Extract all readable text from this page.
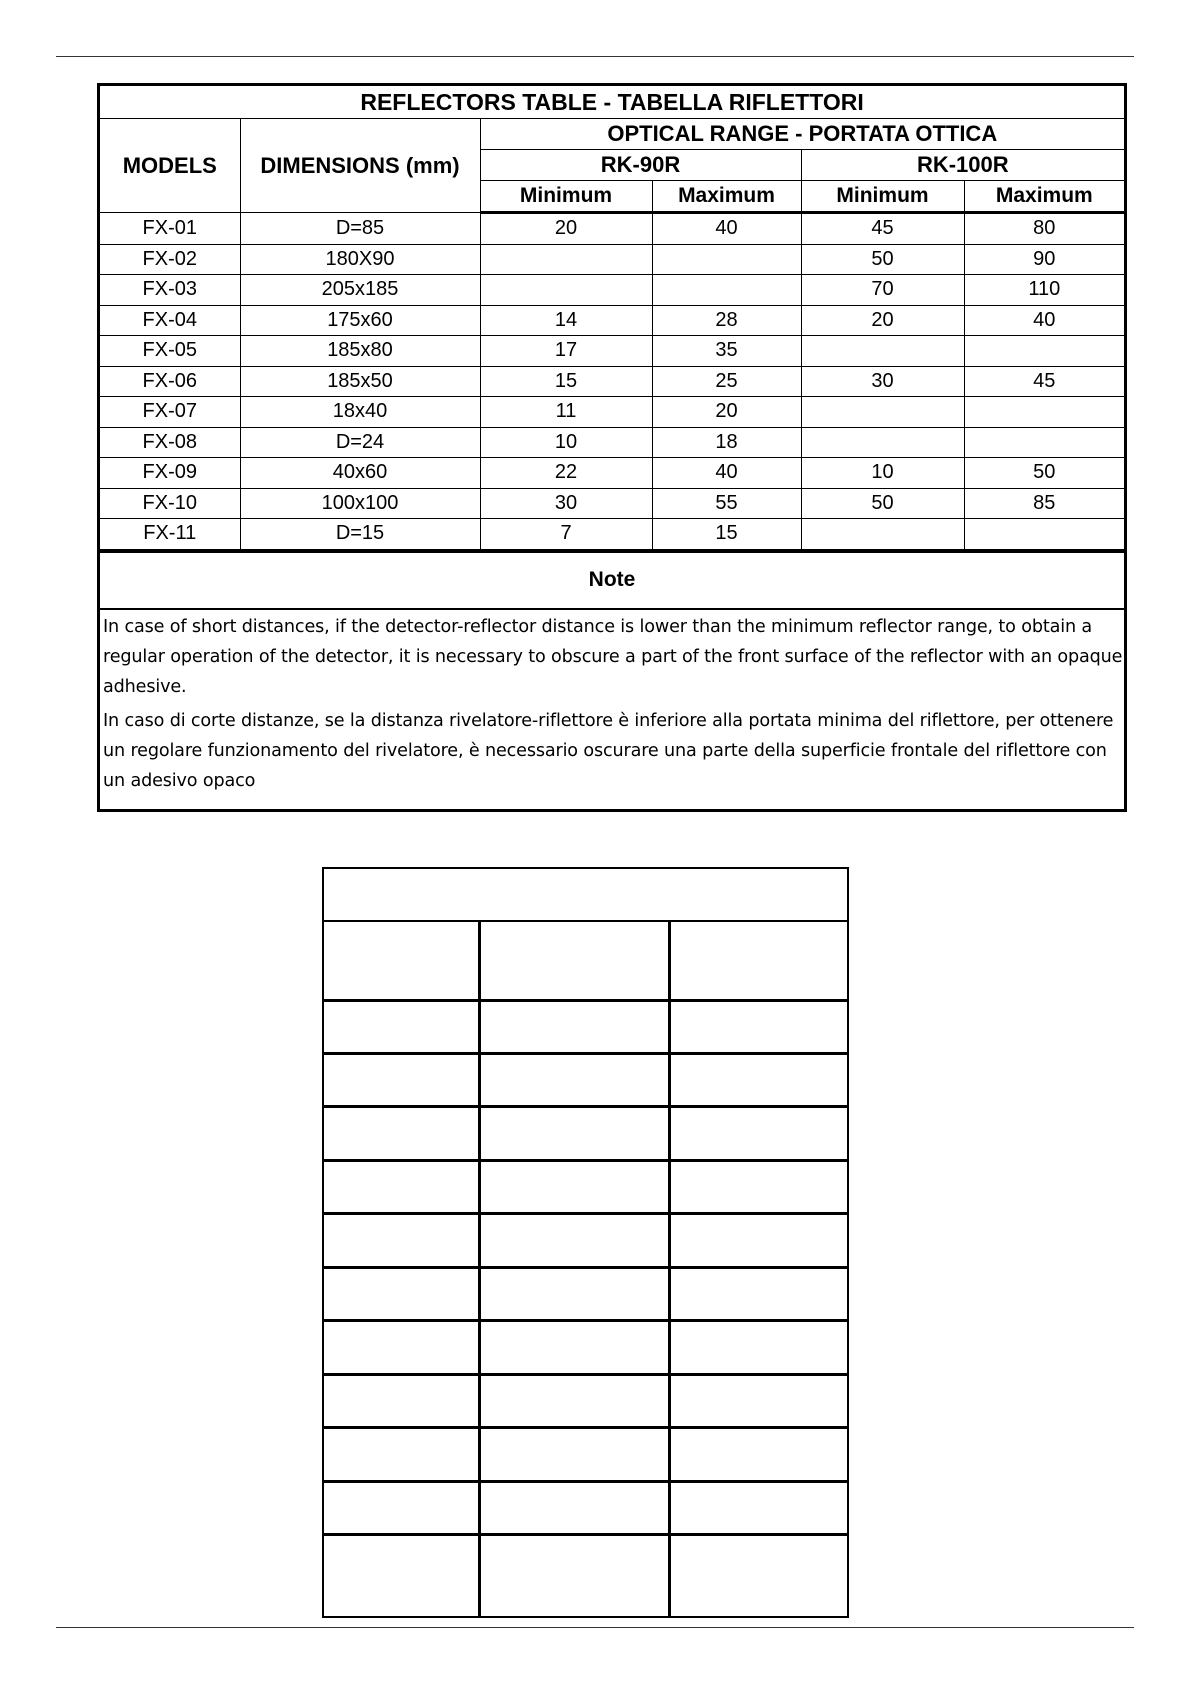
REFLECTORS TABLE - TABELLA RIFLETTORI					
MODELS	DIMENSIONS (mm)	OPTICAL RANGE - PORTATA OTTICA			
		RK-90R		RK-100R	
		Minimum	Maximum	Minimum	Maximum
FX-01	D=85	20	40	45	80
FX-02	180X90			50	90
FX-03	205x185			70	110
FX-04	175x60	14	28	20	40
FX-05	185x80	17	35		
FX-06	185x50	15	25	30	45
FX-07	18x40	11	20		
FX-08	D=24	10	18		
FX-09	40x60	22	40	10	50
FX-10	100x100	30	55	50	85
FX-11	D=15	7	15		
Note

In case of short distances, if the detector-reflector distance is lower than the minimum reflector range, to obtain a regular operation of the detector, it is necessary to obscure a part of the front surface of the reflector with an opaque adhesive.

In caso di corte distanze, se la distanza rivelatore-riflettore è inferiore alla portata minima del riflettore, per ottenere un regolare funzionamento del rivelatore, è necessario oscurare una parte della superficie frontale del riflettore con un adesivo opaco
